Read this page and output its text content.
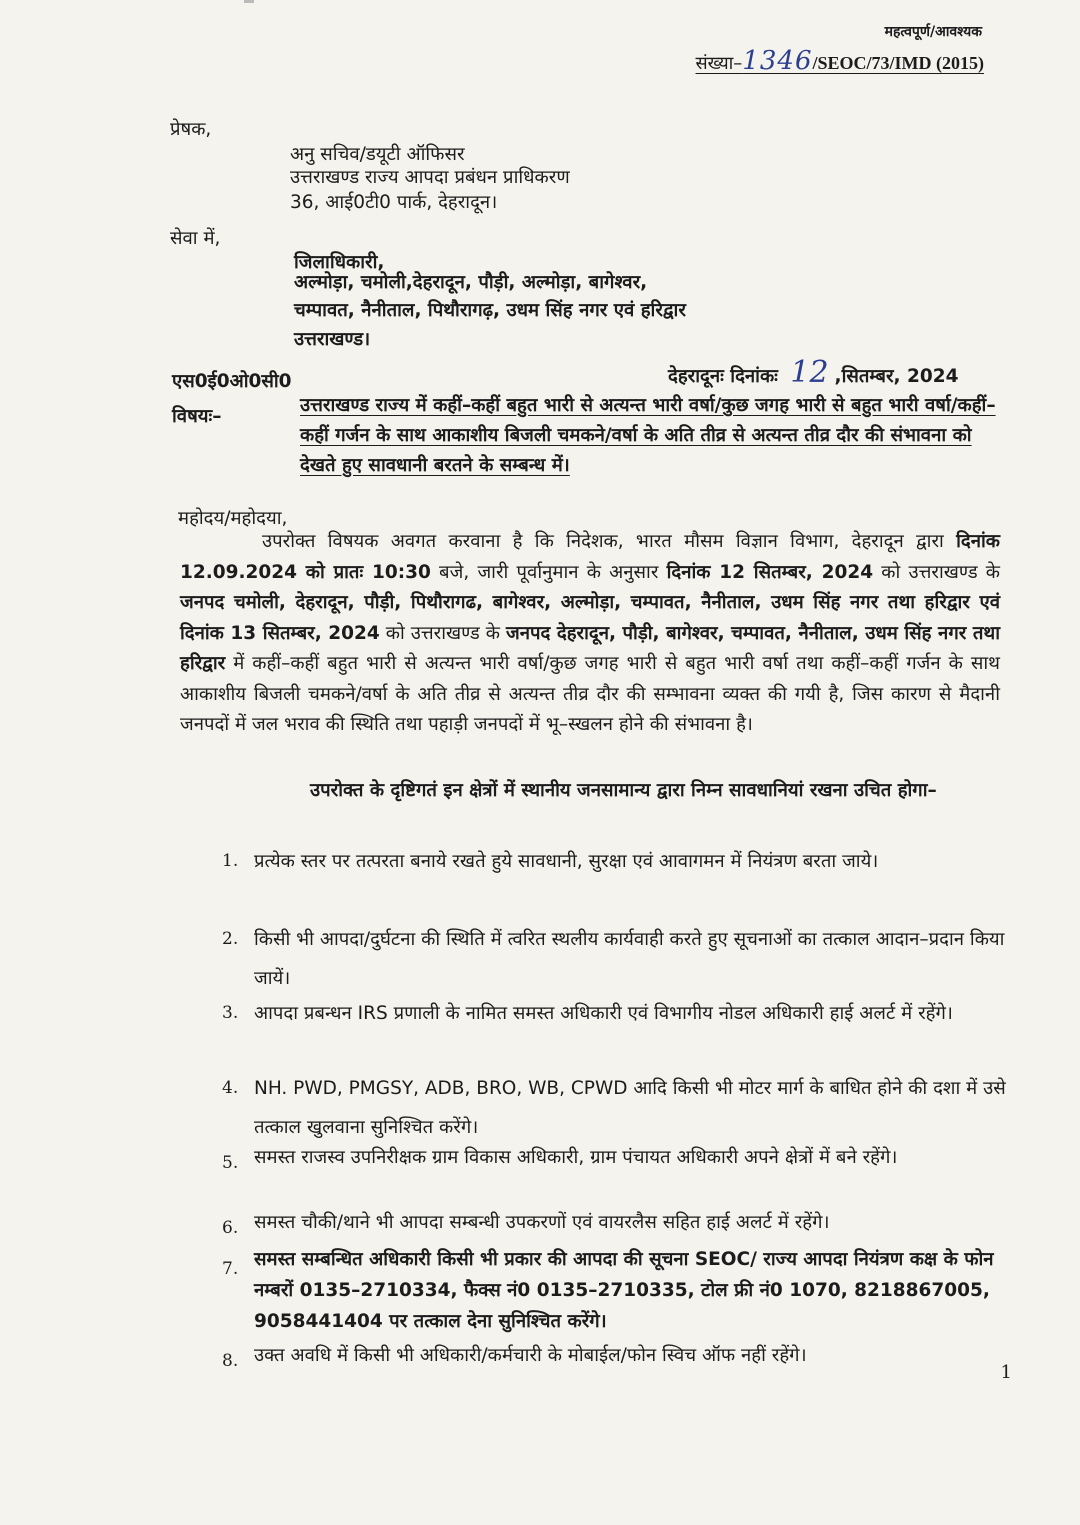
महत्वपूर्ण/आवश्यक
संख्या–1346/SEOC/73/IMD (2015)
प्रेषक,
अनु सचिव/डयूटी ऑफिसर
उत्तराखण्ड राज्य आपदा प्रबंधन प्राधिकरण
36, आई0टी0 पार्क, देहरादून।
सेवा में,
जिलाधिकारी,
अल्मोड़ा, चमोली,देहरादून, पौड़ी, अल्मोड़ा, बागेश्वर,
चम्पावत, नैनीताल, पिथौरागढ़, उधम सिंह नगर एवं हरिद्वार
उत्तराखण्ड।
एस0ई0ओ0सी0	देहरादूनः दिनांकः 12 ,सितम्बर, 2024
विषयः–
उत्तराखण्ड राज्य में कहीं–कहीं बहुत भारी से अत्यन्त भारी वर्षा/कुछ जगह भारी से बहुत भारी वर्षा/कहीं–कहीं गर्जन के साथ आकाशीय बिजली चमकने/वर्षा के अति तीव्र से अत्यन्त तीव्र दौर की संभावना को देखते हुए सावधानी बरतने के सम्बन्ध में।
महोदय/महोदया,
उपरोक्त विषयक अवगत करवाना है कि निदेशक, भारत मौसम विज्ञान विभाग, देहरादून द्वारा दिनांक 12.09.2024 को प्रातः 10:30 बजे, जारी पूर्वानुमान के अनुसार दिनांक 12 सितम्बर, 2024 को उत्तराखण्ड के जनपद चमोली, देहरादून, पौड़ी, पिथौरागढ, बागेश्वर, अल्मोड़ा, चम्पावत, नैनीताल, उधम सिंह नगर तथा हरिद्वार एवं दिनांक 13 सितम्बर, 2024 को उत्तराखण्ड के जनपद देहरादून, पौड़ी, बागेश्वर, चम्पावत, नैनीताल, उधम सिंह नगर तथा हरिद्वार में कहीं–कहीं बहुत भारी से अत्यन्त भारी वर्षा/कुछ जगह भारी से बहुत भारी वर्षा तथा कहीं–कहीं गर्जन के साथ आकाशीय बिजली चमकने/वर्षा के अति तीव्र से अत्यन्त तीव्र दौर की सम्भावना व्यक्त की गयी है, जिस कारण से मैदानी जनपदों में जल भराव की स्थिति तथा पहाड़ी जनपदों में भू–स्खलन होने की संभावना है।
उपरोक्त के दृष्टिगतं इन क्षेत्रों में स्थानीय जनसामान्य द्वारा निम्न सावधानियां रखना उचित होगा–
1. प्रत्येक स्तर पर तत्परता बनाये रखते हुये सावधानी, सुरक्षा एवं आवागमन में नियंत्रण बरता जाये।
2. किसी भी आपदा/दुर्घटना की स्थिति में त्वरित स्थलीय कार्यवाही करते हुए सूचनाओं का तत्काल आदान–प्रदान किया जायें।
3. आपदा प्रबन्धन IRS प्रणाली के नामित समस्त अधिकारी एवं विभागीय नोडल अधिकारी हाई अलर्ट में रहेंगे।
4. NH. PWD, PMGSY, ADB, BRO, WB, CPWD आदि किसी भी मोटर मार्ग के बाधित होने की दशा में उसे तत्काल खुलवाना सुनिश्चित करेंगे।
5. समस्त राजस्व उपनिरीक्षक ग्राम विकास अधिकारी, ग्राम पंचायत अधिकारी अपने क्षेत्रों में बने रहेंगे।
6. समस्त चौकी/थाने भी आपदा सम्बन्धी उपकरणों एवं वायरलैस सहित हाई अलर्ट में रहेंगे।
7. समस्त सम्बन्धित अधिकारी किसी भी प्रकार की आपदा की सूचना SEOC/ राज्य आपदा नियंत्रण कक्ष के फोन नम्बरों 0135–2710334, फैक्स नं0 0135–2710335, टोल फ्री नं0 1070, 8218867005, 9058441404 पर तत्काल देना सुनिश्चित करेंगे।
8. उक्त अवधि में किसी भी अधिकारी/कर्मचारी के मोबाईल/फोन स्विच ऑफ नहीं रहेंगे।
1
